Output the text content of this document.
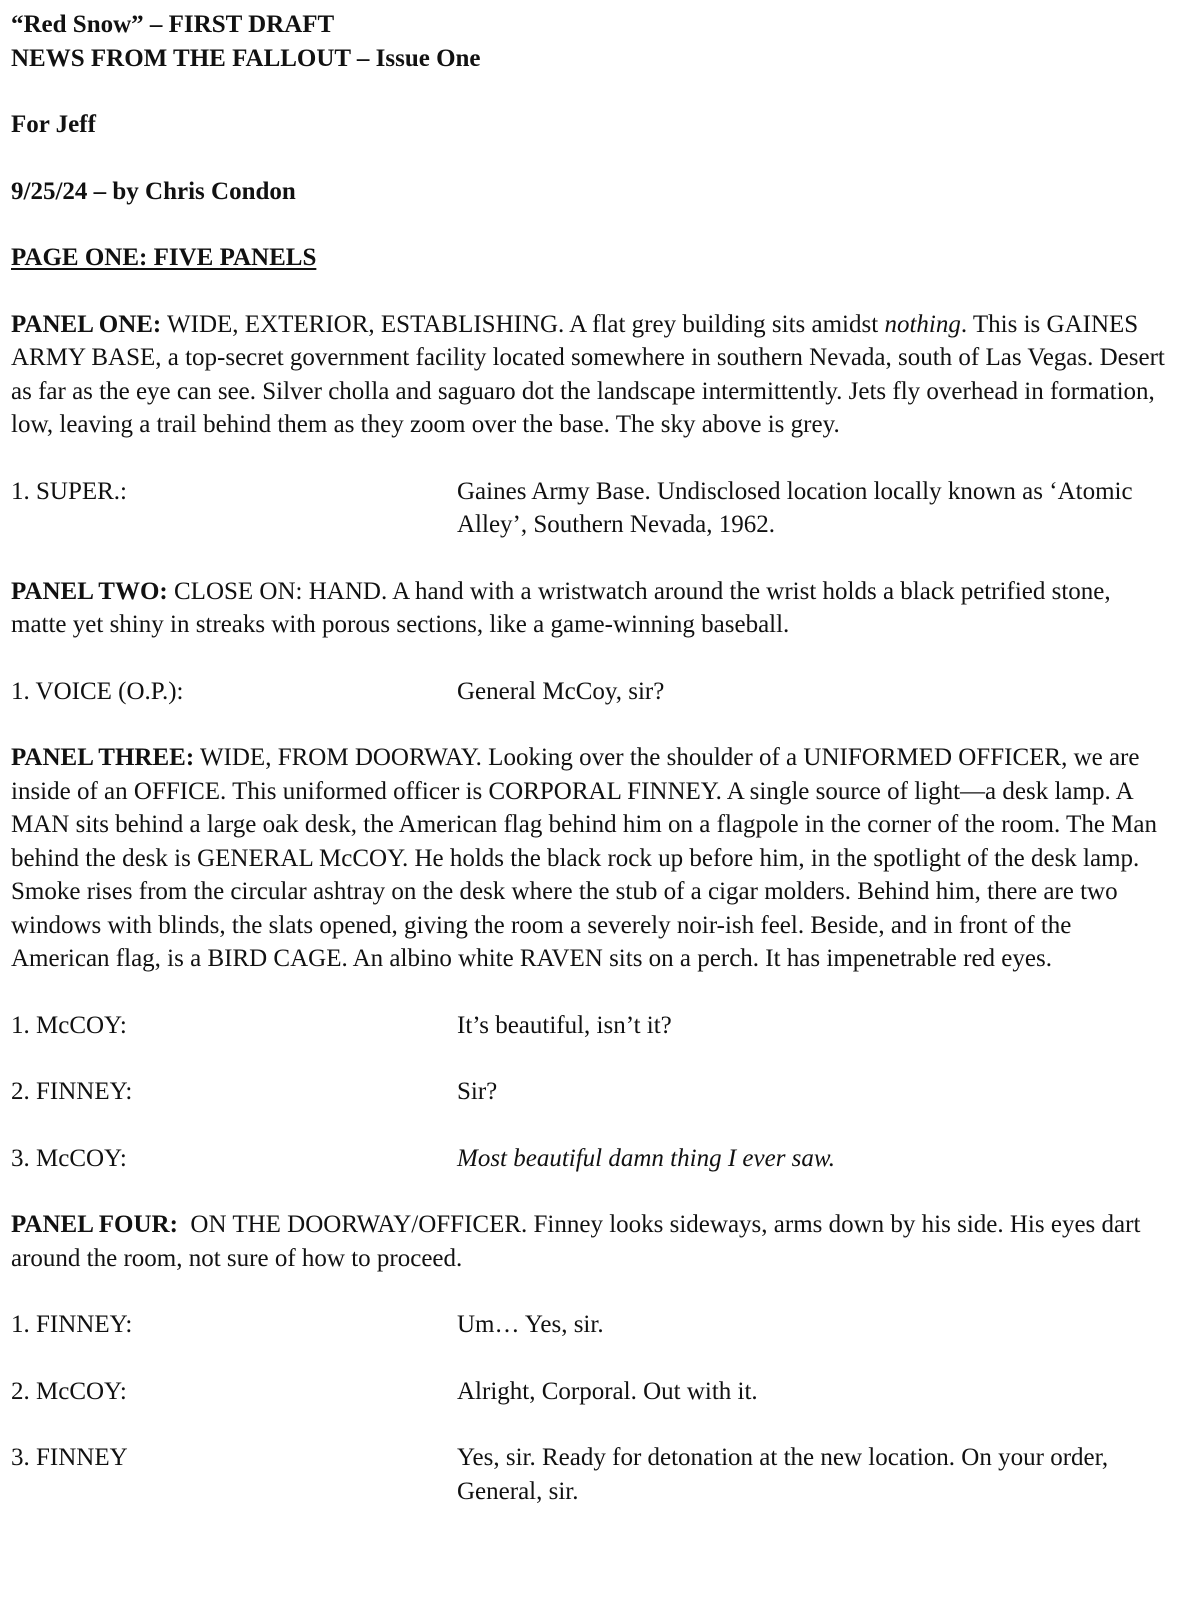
“Red Snow” – FIRST DRAFT

NEWS FROM THE FALLOUT – Issue One

For Jeff

9/25/24 – by Chris Condon

PAGE ONE: FIVE PANELS

PANEL ONE: WIDE, EXTERIOR, ESTABLISHING. A flat grey building sits amidst nothing. This is GAINES ARMY BASE, a top-secret government facility located somewhere in southern Nevada, south of Las Vegas. Desert as far as the eye can see. Silver cholla and saguaro dot the landscape intermittently. Jets fly overhead in formation, low, leaving a trail behind them as they zoom over the base. The sky above is grey.

1. SUPER.:	Gaines Army Base. Undisclosed location locally known as ‘Atomic Alley’, Southern Nevada, 1962.

PANEL TWO: CLOSE ON: HAND. A hand with a wristwatch around the wrist holds a black petrified stone, matte yet shiny in streaks with porous sections, like a game-winning baseball.

1. VOICE (O.P.):	General McCoy, sir?

PANEL THREE: WIDE, FROM DOORWAY. Looking over the shoulder of a UNIFORMED OFFICER, we are inside of an OFFICE. This uniformed officer is CORPORAL FINNEY. A single source of light—a desk lamp. A MAN sits behind a large oak desk, the American flag behind him on a flagpole in the corner of the room. The Man behind the desk is GENERAL McCOY. He holds the black rock up before him, in the spotlight of the desk lamp. Smoke rises from the circular ashtray on the desk where the stub of a cigar molders. Behind him, there are two windows with blinds, the slats opened, giving the room a severely noir-ish feel. Beside, and in front of the American flag, is a BIRD CAGE. An albino white RAVEN sits on a perch. It has impenetrable red eyes.

1. McCOY:	It’s beautiful, isn’t it?
2. FINNEY:	Sir?
3. McCOY:	Most beautiful damn thing I ever saw.

PANEL FOUR:  ON THE DOORWAY/OFFICER. Finney looks sideways, arms down by his side. His eyes dart around the room, not sure of how to proceed.

1. FINNEY:	Um… Yes, sir.
2. McCOY:	Alright, Corporal. Out with it.
3. FINNEY	Yes, sir. Ready for detonation at the new location. On your order, General, sir.
